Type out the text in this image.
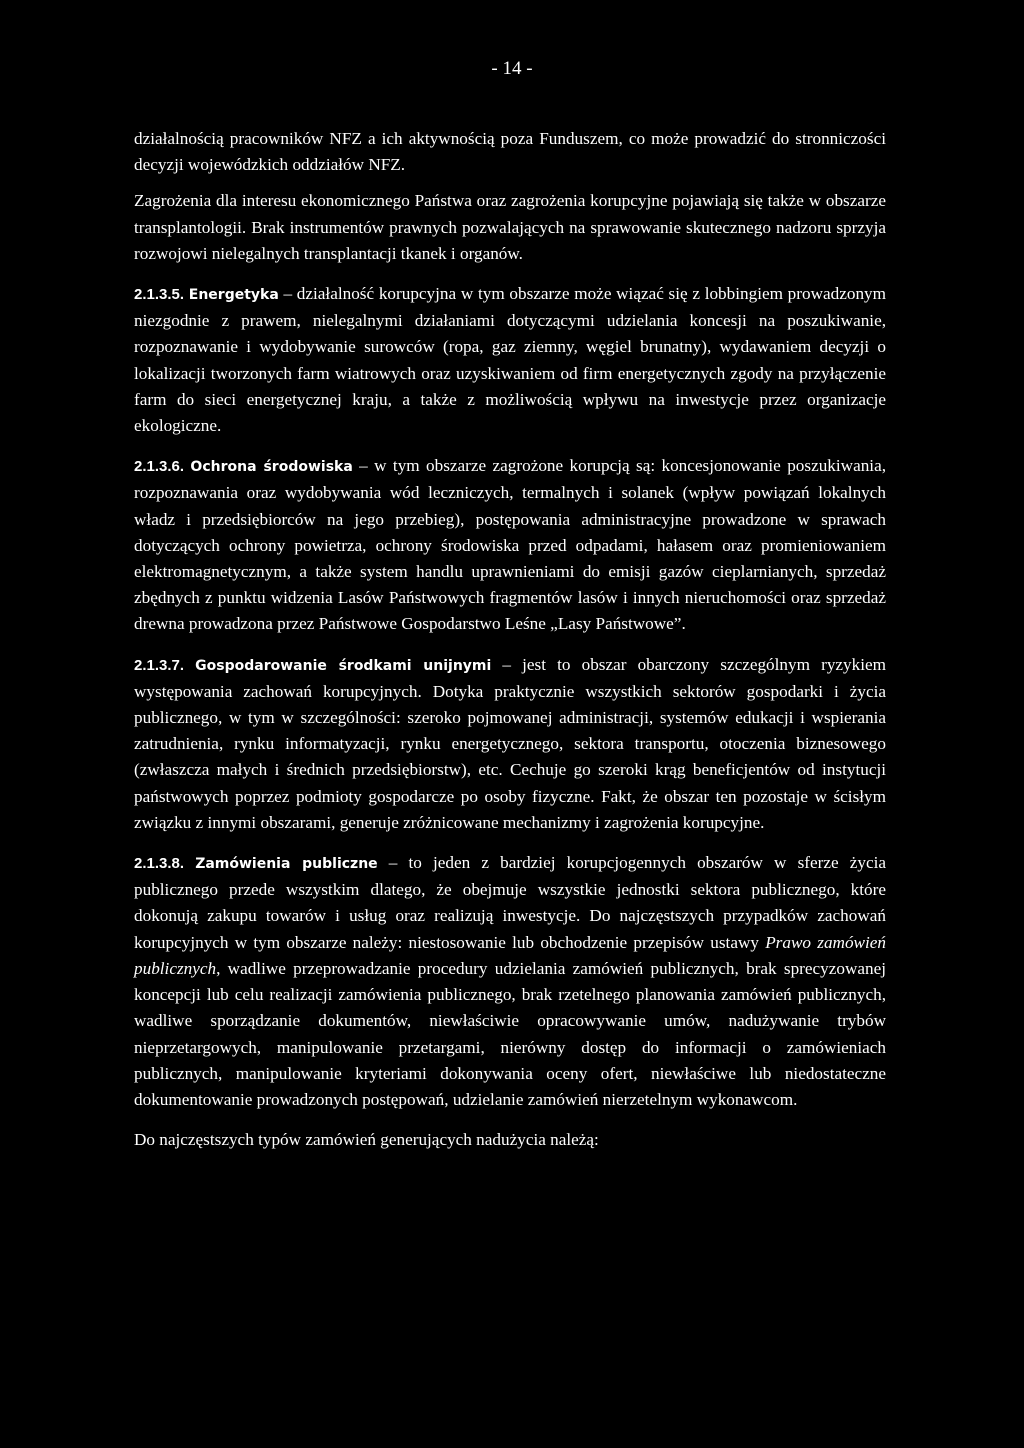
- 14 -

działalnością pracowników NFZ a ich aktywnością poza Funduszem, co może prowadzić do stronniczości decyzji wojewódzkich oddziałów NFZ.

Zagrożenia dla interesu ekonomicznego Państwa oraz zagrożenia korupcyjne pojawiają się także w obszarze transplantologii. Brak instrumentów prawnych pozwalających na sprawowanie skutecznego nadzoru sprzyja rozwojowi nielegalnych transplantacji tkanek i organów.

2.1.3.5. Energetyka – działalność korupcyjna w tym obszarze może wiązać się z lobbingiem prowadzonym niezgodnie z prawem, nielegalnymi działaniami dotyczącymi udzielania koncesji na poszukiwanie, rozpoznawanie i wydobywanie surowców (ropa, gaz ziemny, węgiel brunatny), wydawaniem decyzji o lokalizacji tworzonych farm wiatrowych oraz uzyskiwaniem od firm energetycznych zgody na przyłączenie farm do sieci energetycznej kraju, a także z możliwością wpływu na inwestycje przez organizacje ekologiczne.

2.1.3.6. Ochrona środowiska – w tym obszarze zagrożone korupcją są: koncesjonowanie poszukiwania, rozpoznawania oraz wydobywania wód leczniczych, termalnych i solanek (wpływ powiązań lokalnych władz i przedsiębiorców na jego przebieg), postępowania administracyjne prowadzone w sprawach dotyczących ochrony powietrza, ochrony środowiska przed odpadami, hałasem oraz promieniowaniem elektromagnetycznym, a także system handlu uprawnieniami do emisji gazów cieplarnianych, sprzedaż zbędnych z punktu widzenia Lasów Państwowych fragmentów lasów i innych nieruchomości oraz sprzedaż drewna prowadzona przez Państwowe Gospodarstwo Leśne „Lasy Państwowe”.

2.1.3.7. Gospodarowanie środkami unijnymi – jest to obszar obarczony szczególnym ryzykiem występowania zachowań korupcyjnych. Dotyka praktycznie wszystkich sektorów gospodarki i życia publicznego, w tym w szczególności: szeroko pojmowanej administracji, systemów edukacji i wspierania zatrudnienia, rynku informatyzacji, rynku energetycznego, sektora transportu, otoczenia biznesowego (zwłaszcza małych i średnich przedsiębiorstw), etc. Cechuje go szeroki krąg beneficjentów od instytucji państwowych poprzez podmioty gospodarcze po osoby fizyczne. Fakt, że obszar ten pozostaje w ścisłym związku z innymi obszarami, generuje zróżnicowane mechanizmy i zagrożenia korupcyjne.

2.1.3.8. Zamówienia publiczne – to jeden z bardziej korupcjogennych obszarów w sferze życia publicznego przede wszystkim dlatego, że obejmuje wszystkie jednostki sektora publicznego, które dokonują zakupu towarów i usług oraz realizują inwestycje. Do najczęstszych przypadków zachowań korupcyjnych w tym obszarze należy: niestosowanie lub obchodzenie przepisów ustawy Prawo zamówień publicznych, wadliwe przeprowadzanie procedury udzielania zamówień publicznych, brak sprecyzowanej koncepcji lub celu realizacji zamówienia publicznego, brak rzetelnego planowania zamówień publicznych, wadliwe sporządzanie dokumentów, niewłaściwie opracowywanie umów, nadużywanie trybów nieprzetargowych, manipulowanie przetargami, nierówny dostęp do informacji o zamówieniach publicznych, manipulowanie kryteriami dokonywania oceny ofert, niewłaściwe lub niedostateczne dokumentowanie prowadzonych postępowań, udzielanie zamówień nierzetelnym wykonawcom.

Do najczęstszych typów zamówień generujących nadużycia należą:
